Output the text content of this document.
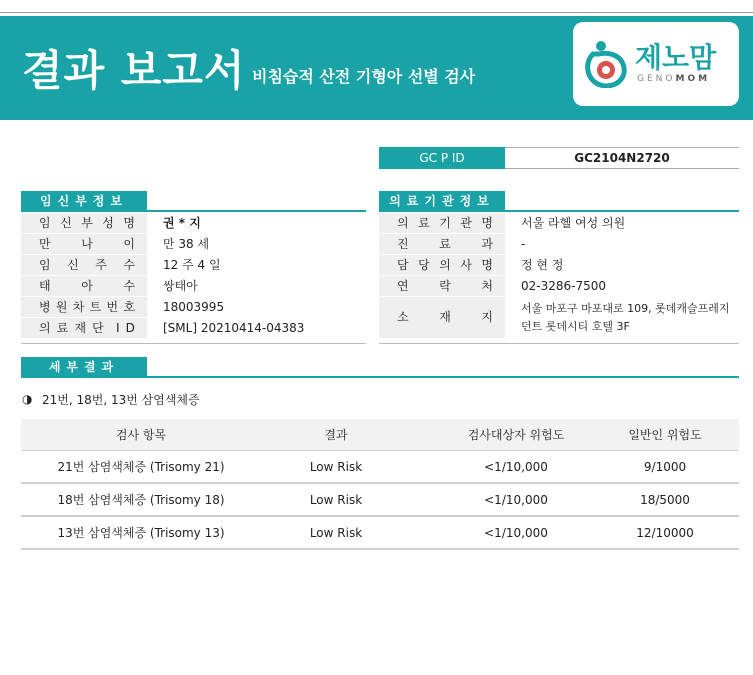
결과 보고서 비침습적 산전 기형아 선별 검사
제노맘
GENOMOM
GC P ID	GC2104N2720
임신부정보
임 신 부 성 명	권 * 지
만	나	이	만 38 세
임 신 주 수	12 주 4 일
태	아	수	쌍태아
병 원 차 트 번 호	18003995
의 료 재 단 I D	[SML] 20210414-04383
의료기관정보
의 료 기 관 명	서울 라헬 여성 의원
진	료	과	-
담 당 의 사 명	정 현 정
연	락	처	02-3286-7500
소	재	지
서울 마포구 마포대로 109, 롯데캐슬프레지
던트 롯데시티 호텔 3F
세부결과
◑ 21번, 18번, 13번 삼염색체증
검사 항목	결과	검사대상자 위험도	일반인 위험도
21번 삼염색체증 (Trisomy 21)	Low Risk	<1/10,000	9/1000
18번 삼염색체증 (Trisomy 18)	Low Risk	<1/10,000	18/5000
13번 삼염색체증 (Trisomy 13)	Low Risk	<1/10,000	12/10000
